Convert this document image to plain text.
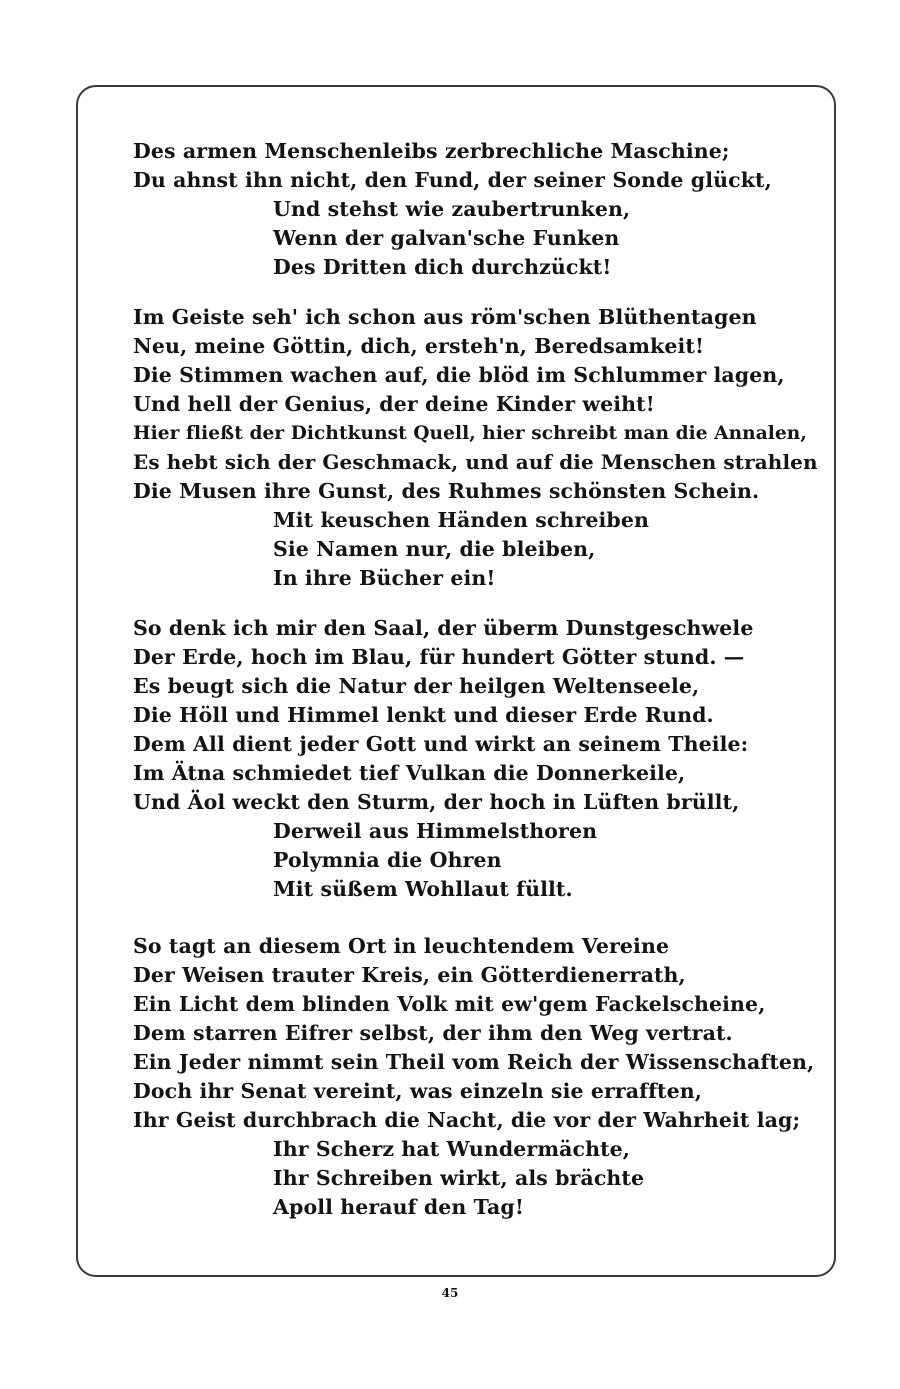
Des armen Menschenleibs zerbrechliche Maschine;
Du ahnst ihn nicht, den Fund, der seiner Sonde glückt,
Und stehst wie zaubertrunken,
Wenn der galvan'sche Funken
Des Dritten dich durchzückt!
Im Geiste seh' ich schon aus röm'schen Blüthentagen
Neu, meine Göttin, dich, ersteh'n, Beredsamkeit!
Die Stimmen wachen auf, die blöd im Schlummer lagen,
Und hell der Genius, der deine Kinder weiht!
Hier fließt der Dichtkunst Quell, hier schreibt man die Annalen,
Es hebt sich der Geschmack, und auf die Menschen strahlen
Die Musen ihre Gunst, des Ruhmes schönsten Schein.
Mit keuschen Händen schreiben
Sie Namen nur, die bleiben,
In ihre Bücher ein!
So denk ich mir den Saal, der überm Dunstgeschwele
Der Erde, hoch im Blau, für hundert Götter stund. —
Es beugt sich die Natur der heilgen Weltenseele,
Die Höll und Himmel lenkt und dieser Erde Rund.
Dem All dient jeder Gott und wirkt an seinem Theile:
Im Ätna schmiedet tief Vulkan die Donnerkeile,
Und Äol weckt den Sturm, der hoch in Lüften brüllt,
Derweil aus Himmelsthoren
Polymnia die Ohren
Mit süßem Wohllaut füllt.
So tagt an diesem Ort in leuchtendem Vereine
Der Weisen trauter Kreis, ein Götterdienerrath,
Ein Licht dem blinden Volk mit ew'gem Fackelscheine,
Dem starren Eifrer selbst, der ihm den Weg vertrat.
Ein Jeder nimmt sein Theil vom Reich der Wissenschaften,
Doch ihr Senat vereint, was einzeln sie errafften,
Ihr Geist durchbrach die Nacht, die vor der Wahrheit lag;
Ihr Scherz hat Wundermächte,
Ihr Schreiben wirkt, als brächte
Apoll herauf den Tag!
45
